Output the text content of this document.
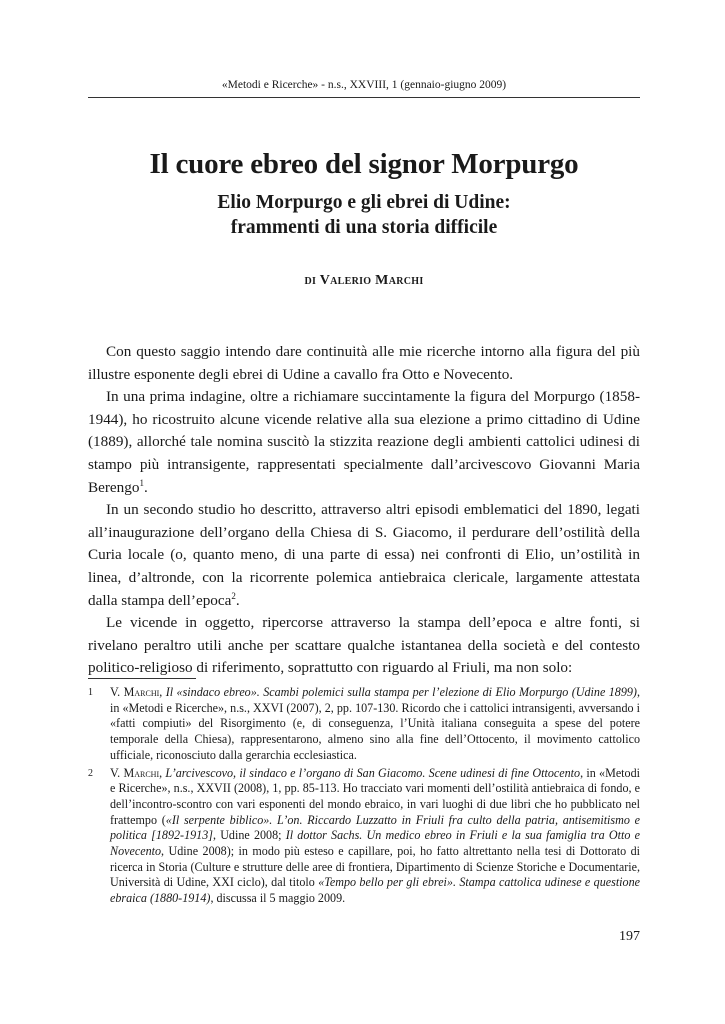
«Metodi e Ricerche» - n.s., XXVIII, 1 (gennaio-giugno 2009)
Il cuore ebreo del signor Morpurgo
Elio Morpurgo e gli ebrei di Udine:
frammenti di una storia difficile
di Valerio Marchi

Con questo saggio intendo dare continuità alle mie ricerche intorno alla figura del più illustre esponente degli ebrei di Udine a cavallo fra Otto e Novecento.

In una prima indagine, oltre a richiamare succintamente la figura del Morpurgo (1858-1944), ho ricostruito alcune vicende relative alla sua elezione a primo cittadino di Udine (1889), allorché tale nomina suscitò la stizzita reazione degli ambienti cattolici udinesi di stampo più intransigente, rappresentati specialmente dall’arcivescovo Giovanni Maria Berengo$^1$.

In un secondo studio ho descritto, attraverso altri episodi emblematici del 1890, legati all’inaugurazione dell’organo della Chiesa di S. Giacomo, il perdurare dell’ostilità della Curia locale (o, quanto meno, di una parte di essa) nei confronti di Elio, un’ostilità in linea, d’altronde, con la ricorrente polemica antiebraica clericale, largamente attestata dalla stampa dell’epoca$^2$.

Le vicende in oggetto, ripercorse attraverso la stampa dell’epoca e altre fonti, si rivelano peraltro utili anche per scattare qualche istantanea della società e del contesto politico-religioso di riferimento, soprattutto con riguardo al Friuli, ma non solo:

1 V. Marchi, Il «sindaco ebreo». Scambi polemici sulla stampa per l’elezione di Elio Morpurgo (Udine 1899), in «Metodi e Ricerche», n.s., XXVI (2007), 2, pp. 107-130. Ricordo che i cattolici intransigenti, avversando i «fatti compiuti» del Risorgimento (e, di conseguenza, l’Unità italiana conseguita a spese del potere temporale della Chiesa), rappresentarono, almeno sino alla fine dell’Ottocento, il movimento cattolico ufficiale, riconosciuto dalla gerarchia ecclesiastica.
2 V. Marchi, L’arcivescovo, il sindaco e l’organo di San Giacomo. Scene udinesi di fine Ottocento, in «Metodi e Ricerche», n.s., XXVII (2008), 1, pp. 85-113. Ho tracciato vari momenti dell’ostilità antiebraica di fondo, e dell’incontro-scontro con vari esponenti del mondo ebraico, in vari luoghi di due libri che ho pubblicato nel frattempo («Il serpente biblico». L’on. Riccardo Luzzatto in Friuli fra culto della patria, antisemitismo e politica [1892-1913], Udine 2008; Il dottor Sachs. Un medico ebreo in Friuli e la sua famiglia tra Otto e Novecento, Udine 2008); in modo più esteso e capillare, poi, ho fatto altrettanto nella tesi di Dottorato di ricerca in Storia (Culture e strutture delle aree di frontiera, Dipartimento di Scienze Storiche e Documentarie, Università di Udine, XXI ciclo), dal titolo «Tempo bello per gli ebrei». Stampa cattolica udinese e questione ebraica (1880-1914), discussa il 5 maggio 2009.
197
